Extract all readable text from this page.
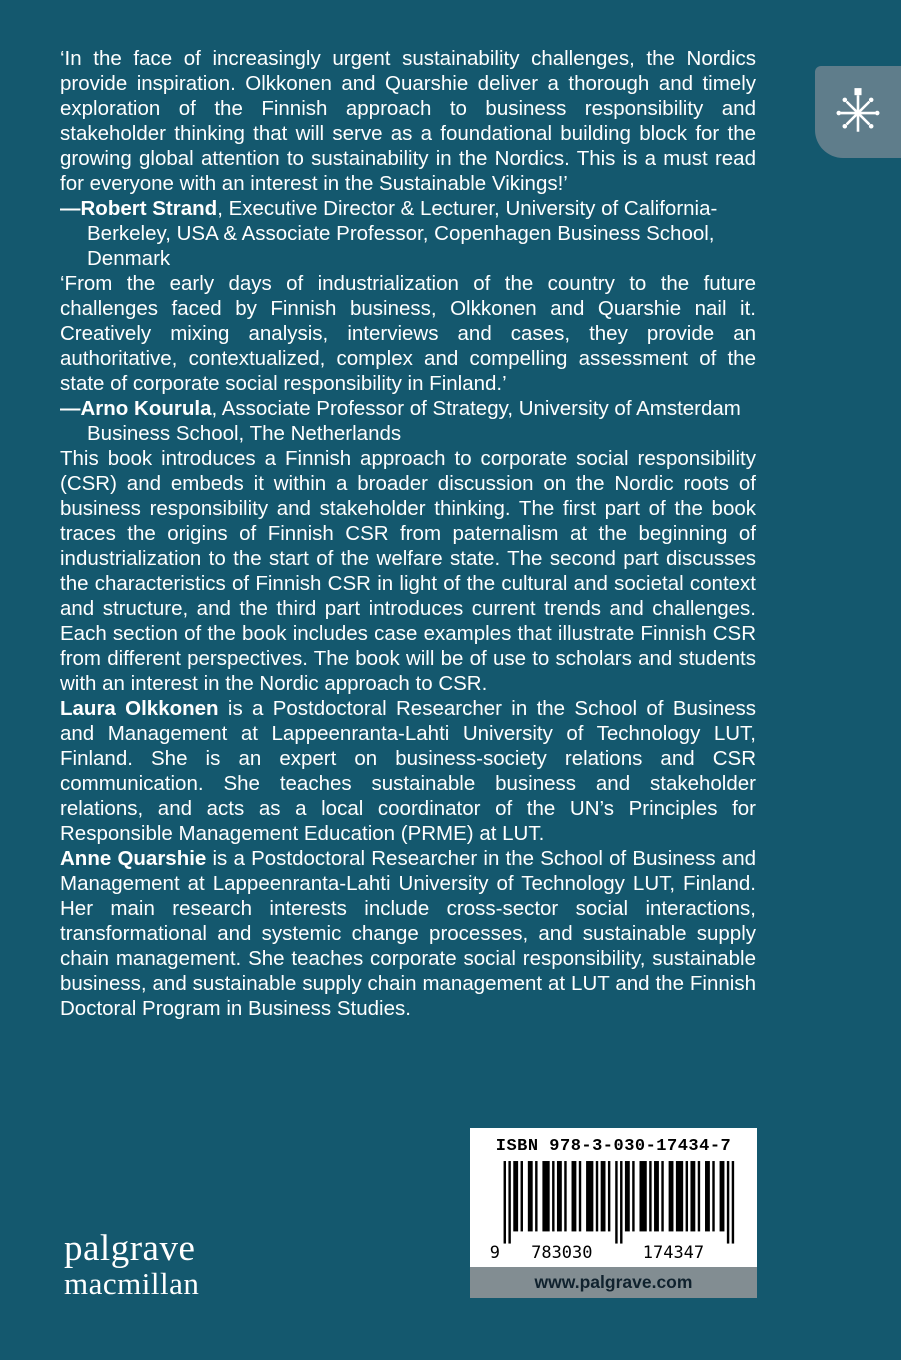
‘In the face of increasingly urgent sustainability challenges, the Nordics provide inspiration. Olkkonen and Quarshie deliver a thorough and timely exploration of the Finnish approach to business responsibility and stakeholder thinking that will serve as a foundational building block for the growing global attention to sustainability in the Nordics. This is a must read for everyone with an interest in the Sustainable Vikings!’

—Robert Strand, Executive Director & Lecturer, University of California-Berkeley, USA & Associate Professor, Copenhagen Business School, Denmark

‘From the early days of industrialization of the country to the future challenges faced by Finnish business, Olkkonen and Quarshie nail it. Creatively mixing analysis, interviews and cases, they provide an authoritative, contextualized, complex and compelling assessment of the state of corporate social responsibility in Finland.’

—Arno Kourula, Associate Professor of Strategy, University of Amsterdam Business School, The Netherlands

This book introduces a Finnish approach to corporate social responsibility (CSR) and embeds it within a broader discussion on the Nordic roots of business responsibility and stakeholder thinking. The first part of the book traces the origins of Finnish CSR from paternalism at the beginning of industrialization to the start of the welfare state. The second part discusses the characteristics of Finnish CSR in light of the cultural and societal context and structure, and the third part introduces current trends and challenges. Each section of the book includes case examples that illustrate Finnish CSR from different perspectives. The book will be of use to scholars and students with an interest in the Nordic approach to CSR.

Laura Olkkonen is a Postdoctoral Researcher in the School of Business and Management at Lappeenranta-Lahti University of Technology LUT, Finland. She is an expert on business-society relations and CSR communication. She teaches sustainable business and stakeholder relations, and acts as a local coordinator of the UN’s Principles for Responsible Management Education (PRME) at LUT.

Anne Quarshie is a Postdoctoral Researcher in the School of Business and Management at Lappeenranta-Lahti University of Technology LUT, Finland. Her main research interests include cross-sector social interactions, transformational and systemic change processes, and sustainable supply chain management. She teaches corporate social responsibility, sustainable business, and sustainable supply chain management at LUT and the Finnish Doctoral Program in Business Studies.

ISBN 978-3-030-17434-7
9	783030	174347
www.palgrave.com
palgrave
macmillan
